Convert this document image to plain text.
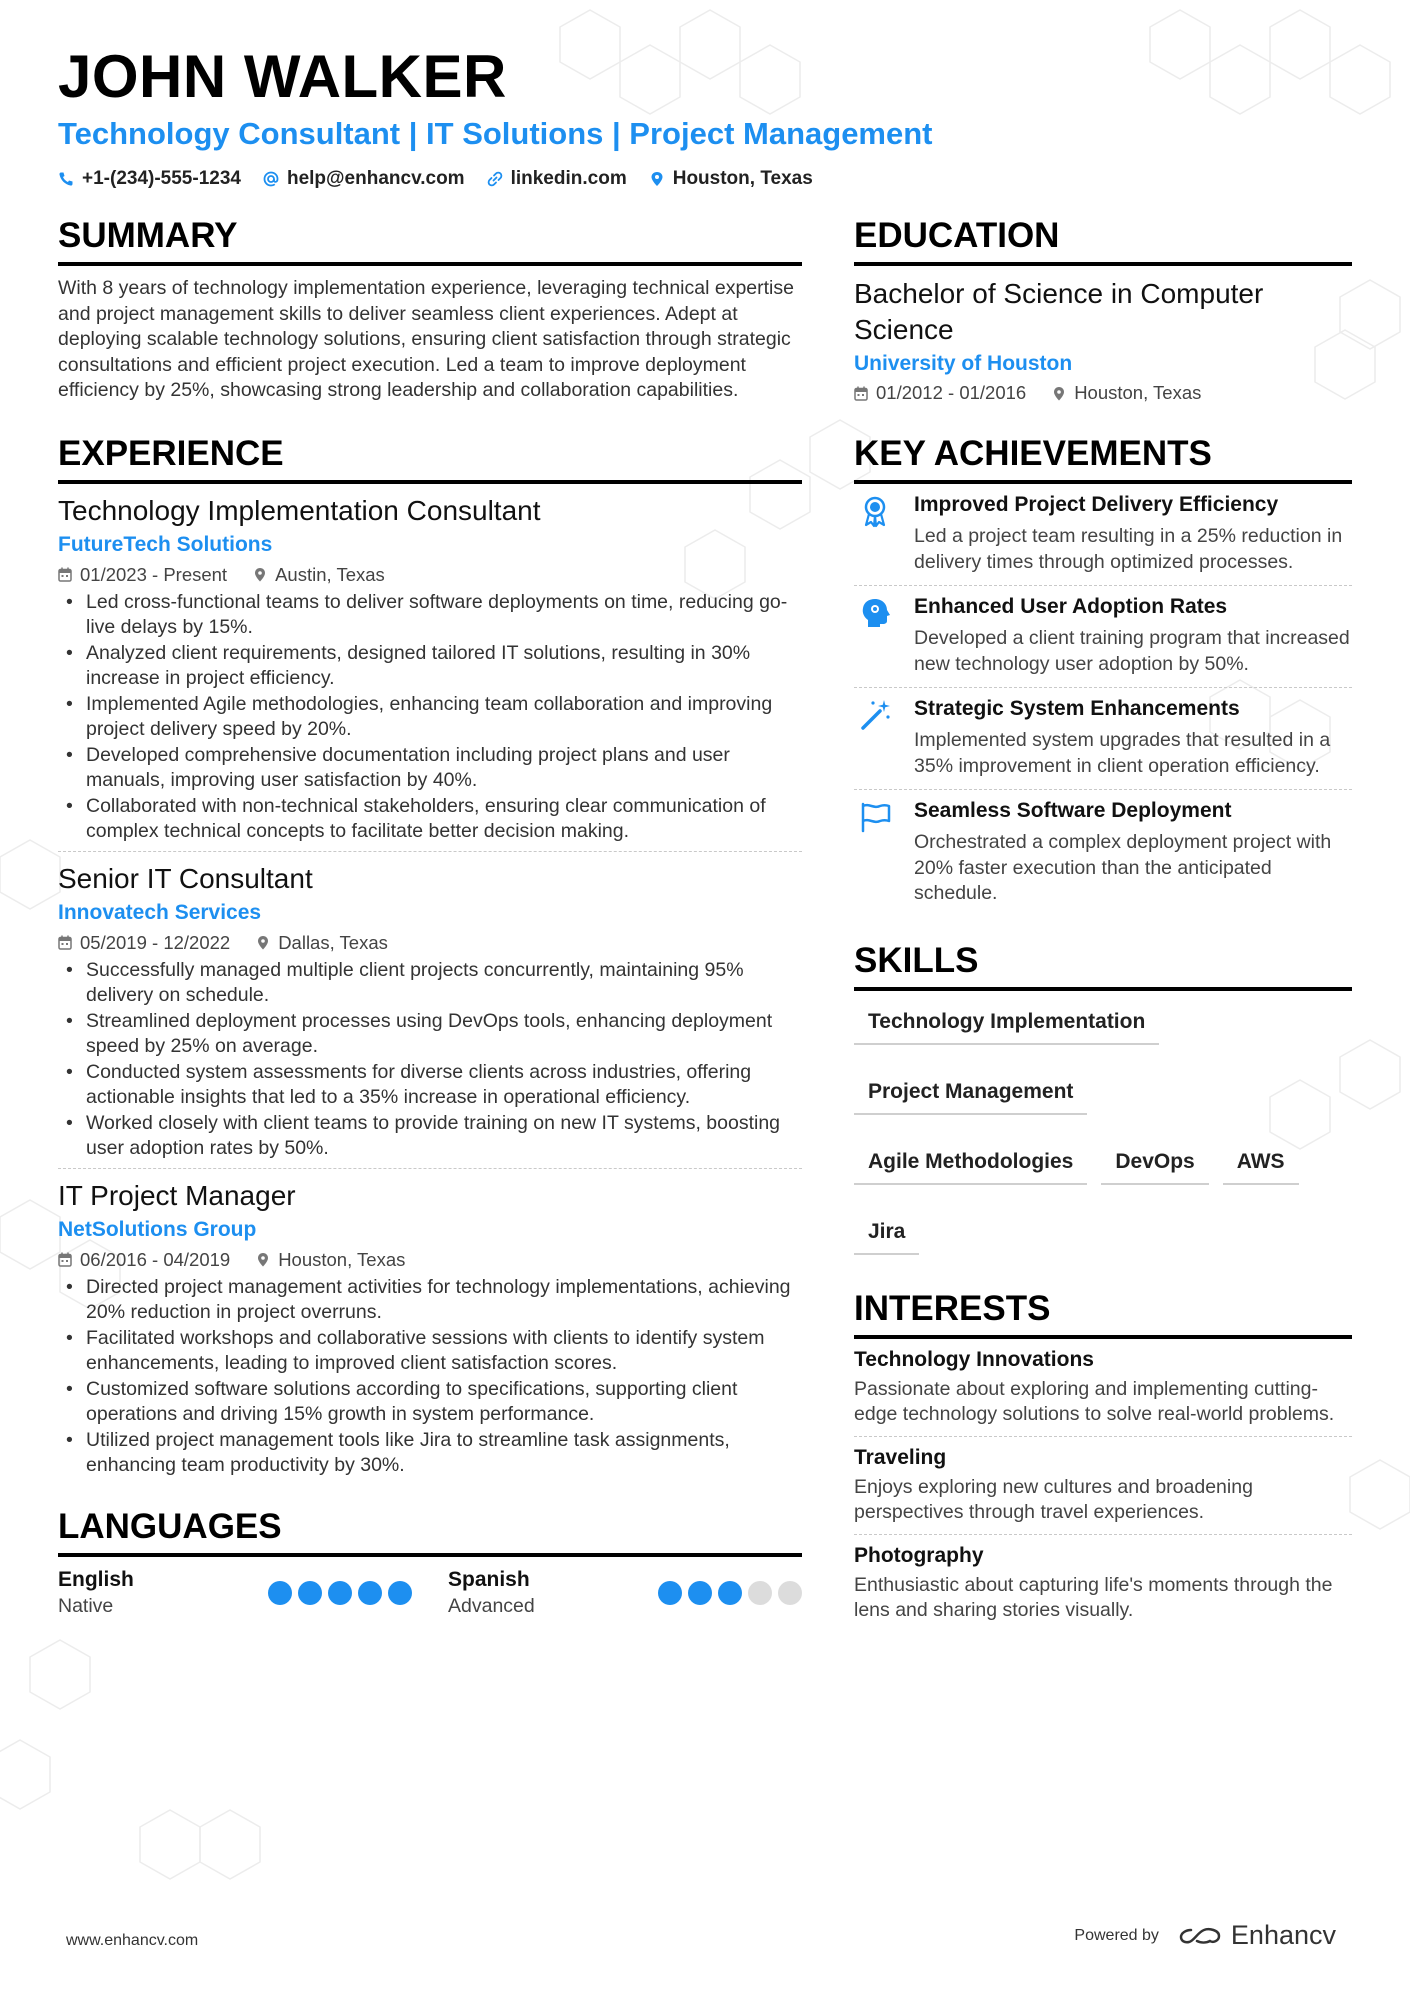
JOHN WALKER
Technology Consultant | IT Solutions | Project Management
+1-(234)-555-1234 help@enhancv.com linkedin.com Houston, Texas
SUMMARY

With 8 years of technology implementation experience, leveraging technical expertise and project management skills to deliver seamless client experiences. Adept at deploying scalable technology solutions, ensuring client satisfaction through strategic consultations and efficient project execution. Led a team to improve deployment efficiency by 25%, showcasing strong leadership and collaboration capabilities.

EXPERIENCE
Technology Implementation Consultant
FutureTech Solutions
01/2023 - Present	Austin, Texas
• Led cross-functional teams to deliver software deployments on time, reducing go-live delays by 15%.
• Analyzed client requirements, designed tailored IT solutions, resulting in 30% increase in project efficiency.
• Implemented Agile methodologies, enhancing team collaboration and improving project delivery speed by 20%.
• Developed comprehensive documentation including project plans and user manuals, improving user satisfaction by 40%.
• Collaborated with non-technical stakeholders, ensuring clear communication of complex technical concepts to facilitate better decision making.
Senior IT Consultant
Innovatech Services
05/2019 - 12/2022	Dallas, Texas
• Successfully managed multiple client projects concurrently, maintaining 95% delivery on schedule.
• Streamlined deployment processes using DevOps tools, enhancing deployment speed by 25% on average.
• Conducted system assessments for diverse clients across industries, offering actionable insights that led to a 35% increase in operational efficiency.
• Worked closely with client teams to provide training on new IT systems, boosting user adoption rates by 50%.
IT Project Manager
NetSolutions Group
06/2016 - 04/2019	Houston, Texas
• Directed project management activities for technology implementations, achieving 20% reduction in project overruns.
• Facilitated workshops and collaborative sessions with clients to identify system enhancements, leading to improved client satisfaction scores.
• Customized software solutions according to specifications, supporting client operations and driving 15% growth in system performance.
• Utilized project management tools like Jira to streamline task assignments, enhancing team productivity by 30%.
LANGUAGES
English
Native
Spanish
Advanced
EDUCATION
Bachelor of Science in Computer Science
University of Houston
01/2012 - 01/2016	Houston, Texas
KEY ACHIEVEMENTS
Improved Project Delivery Efficiency
Led a project team resulting in a 25% reduction in delivery times through optimized processes.
Enhanced User Adoption Rates
Developed a client training program that increased new technology user adoption by 50%.
Strategic System Enhancements
Implemented system upgrades that resulted in a 35% improvement in client operation efficiency.
Seamless Software Deployment
Orchestrated a complex deployment project with 20% faster execution than the anticipated schedule.
SKILLS
Technology Implementation
Project Management
Agile Methodologies	DevOps	AWS
Jira
INTERESTS
Technology Innovations
Passionate about exploring and implementing cutting-edge technology solutions to solve real-world problems.
Traveling
Enjoys exploring new cultures and broadening perspectives through travel experiences.
Photography
Enthusiastic about capturing life's moments through the lens and sharing stories visually.
www.enhancv.com	Powered by	Enhancv
